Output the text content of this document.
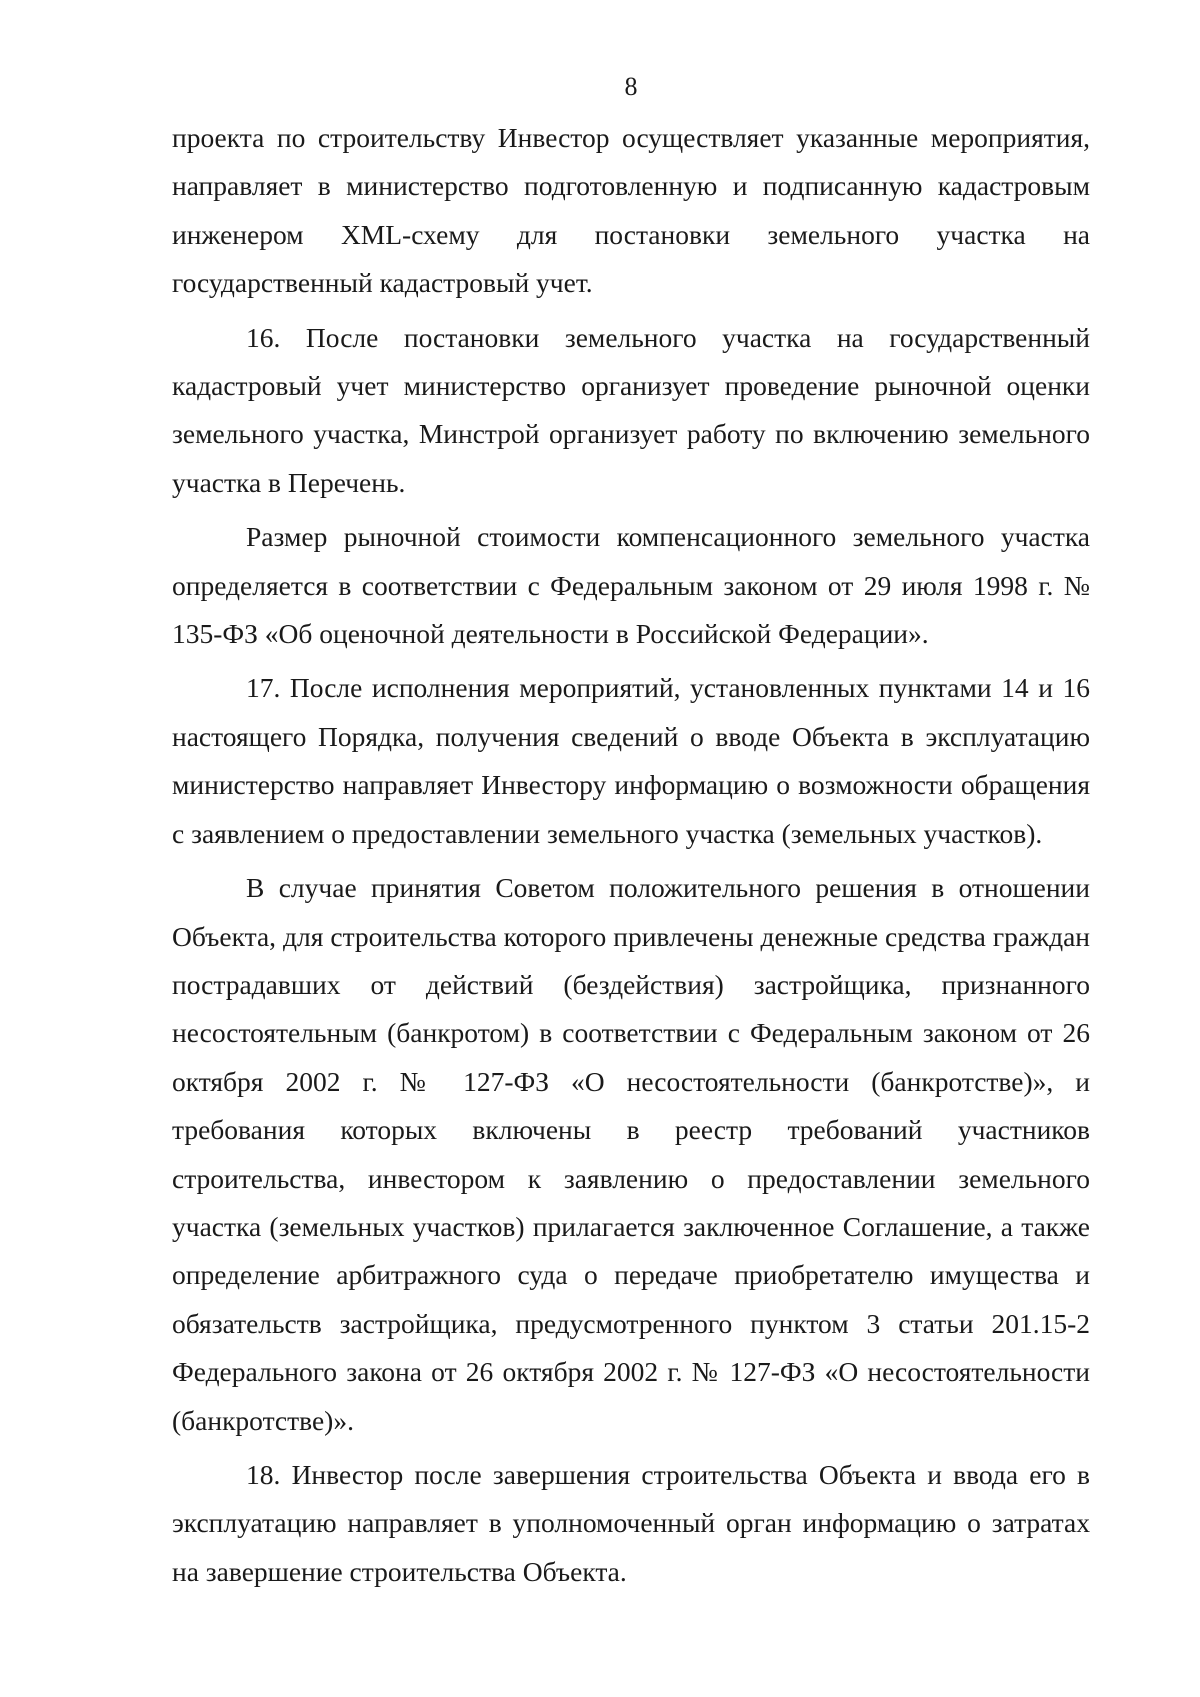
8

проекта по строительству Инвестор осуществляет указанные мероприятия, направляет в министерство подготовленную и подписанную кадастровым инженером XML-схему для постановки земельного участка на государственный кадастровый учет.

16. После постановки земельного участка на государственный кадастровый учет министерство организует проведение рыночной оценки земельного участка, Минстрой организует работу по включению земельного участка в Перечень.

Размер рыночной стоимости компенсационного земельного участка определяется в соответствии с Федеральным законом от 29 июля 1998 г. № 135-ФЗ «Об оценочной деятельности в Российской Федерации».

17. После исполнения мероприятий, установленных пунктами 14 и 16 настоящего Порядка, получения сведений о вводе Объекта в эксплуатацию министерство направляет Инвестору информацию о возможности обращения с заявлением о предоставлении земельного участка (земельных участков).

В случае принятия Советом положительного решения в отношении Объекта, для строительства которого привлечены денежные средства граждан пострадавших от действий (бездействия) застройщика, признанного несостоятельным (банкротом) в соответствии с Федеральным законом от 26 октября 2002 г. № 127-ФЗ «О несостоятельности (банкротстве)», и требования которых включены в реестр требований участников строительства, инвестором к заявлению о предоставлении земельного участка (земельных участков) прилагается заключенное Соглашение, а также определение арбитражного суда о передаче приобретателю имущества и обязательств застройщика, предусмотренного пунктом 3 статьи 201.15-2 Федерального закона от 26 октября 2002 г. № 127-ФЗ «О несостоятельности (банкротстве)».

18. Инвестор после завершения строительства Объекта и ввода его в эксплуатацию направляет в уполномоченный орган информацию о затратах на завершение строительства Объекта.
